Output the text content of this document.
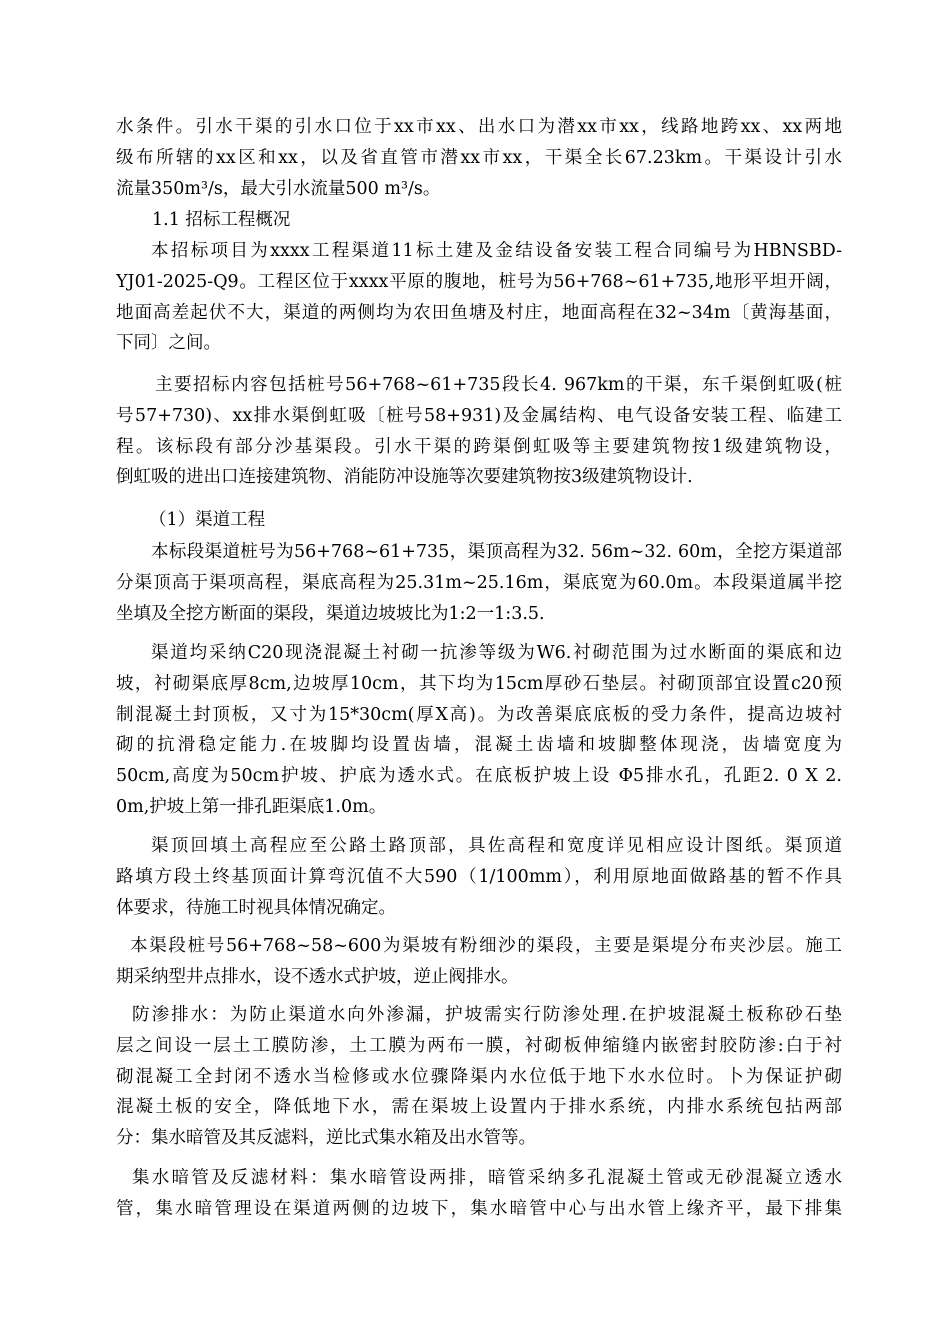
水条件。引水干渠的引水口位于xx市xx、出水口为潜xx市xx，线路地跨xx、xx两地
级布所辖的xx区和xx，以及省直管市潜xx市xx，干渠全长67.23km。干渠设计引水
流量350m³/s，最大引水流量500 m³/s。
1.1 招标工程概况
本招标项目为xxxx工程渠道11标土建及金结设备安装工程合同编号为HBNSBD-
YJ01-2025-Q9。工程区位于xxxx平原的腹地，桩号为56+768~61+735,地形平坦开阔，
地面高差起伏不大，渠道的两侧均为农田鱼塘及村庄，地面高程在32~34m〔黄海基面，
下同〕之间。
主要招标内容包括桩号56+768~61+735段长4. 967km的干渠，东千渠倒虹吸(桩
号57+730)、xx排水渠倒虹吸〔桩号58+931)及金属结构、电气设备安装工程、临建工
程。该标段有部分沙基渠段。引水干渠的跨渠倒虹吸等主要建筑物按1级建筑物设，
倒虹吸的进出口连接建筑物、消能防冲设施等次要建筑物按3级建筑物设计.
（1）渠道工程
本标段渠道桩号为56+768~61+735，渠顶高程为32. 56m~32. 60m，全挖方渠道部
分渠顶高于渠项高程，渠底高程为25.31m~25.16m，渠底宽为60.0m。本段渠道属半挖
坐填及全挖方断面的渠段，渠道边坡坡比为1:2一1:3.5.
渠道均采纳C20现浇混凝土衬砌一抗渗等级为W6.衬砌范围为过水断面的渠底和边
坡，衬砌渠底厚8cm,边坡厚10cm，其下均为15cm厚砂石垫层。衬砌顶部宜设置c20预
制混凝土封顶板，又寸为15*30cm(厚X高)。为改善渠底底板的受力条件，提高边坡衬
砌的抗滑稳定能力.在坡脚均设置齿墙，混凝土齿墙和坡脚整体现浇，齿墙宽度为
50cm,高度为50cm护坡、护底为透水式。在底板护坡上设 Φ5排水孔，孔距2. 0 X 2.
0m,护坡上第一排孔距渠底1.0m。
渠顶回填土高程应至公路土路顶部，具佐高程和宽度详见相应设计图纸。渠顶道
路填方段土终基顶面计算弯沉值不大590（1/100mm），利用原地面做路基的暂不作具
体要求，待施工时视具体情况确定。
本渠段桩号56+768~58~600为渠坡有粉细沙的渠段，主要是渠堤分布夹沙层。施工
期采纳型井点排水，设不透水式护坡，逆止阀排水。
防渗排水：为防止渠道水向外渗漏，护坡需实行防渗处理.在护坡混凝土板称砂石垫
层之间设一层土工膜防渗，土工膜为两布一膜，衬砌板伸缩缝内嵌密封胶防渗:白于衬
砌混凝工全封闭不透水当检修或水位骤降渠内水位低于地下水水位时。卜为保证护砌
混凝土板的安全，降低地下水，需在渠坡上设置内于排水系统，内排水系统包拈两部
分：集水暗管及其反滤料，逆比式集水箱及出水管等。
集水暗管及反滤材料：集水暗管设两排，暗管采纳多孔混凝土管或无砂混凝立透水
管，集水暗管理设在渠道两侧的边坡下，集水暗管中心与出水管上缘齐平，最下排集
